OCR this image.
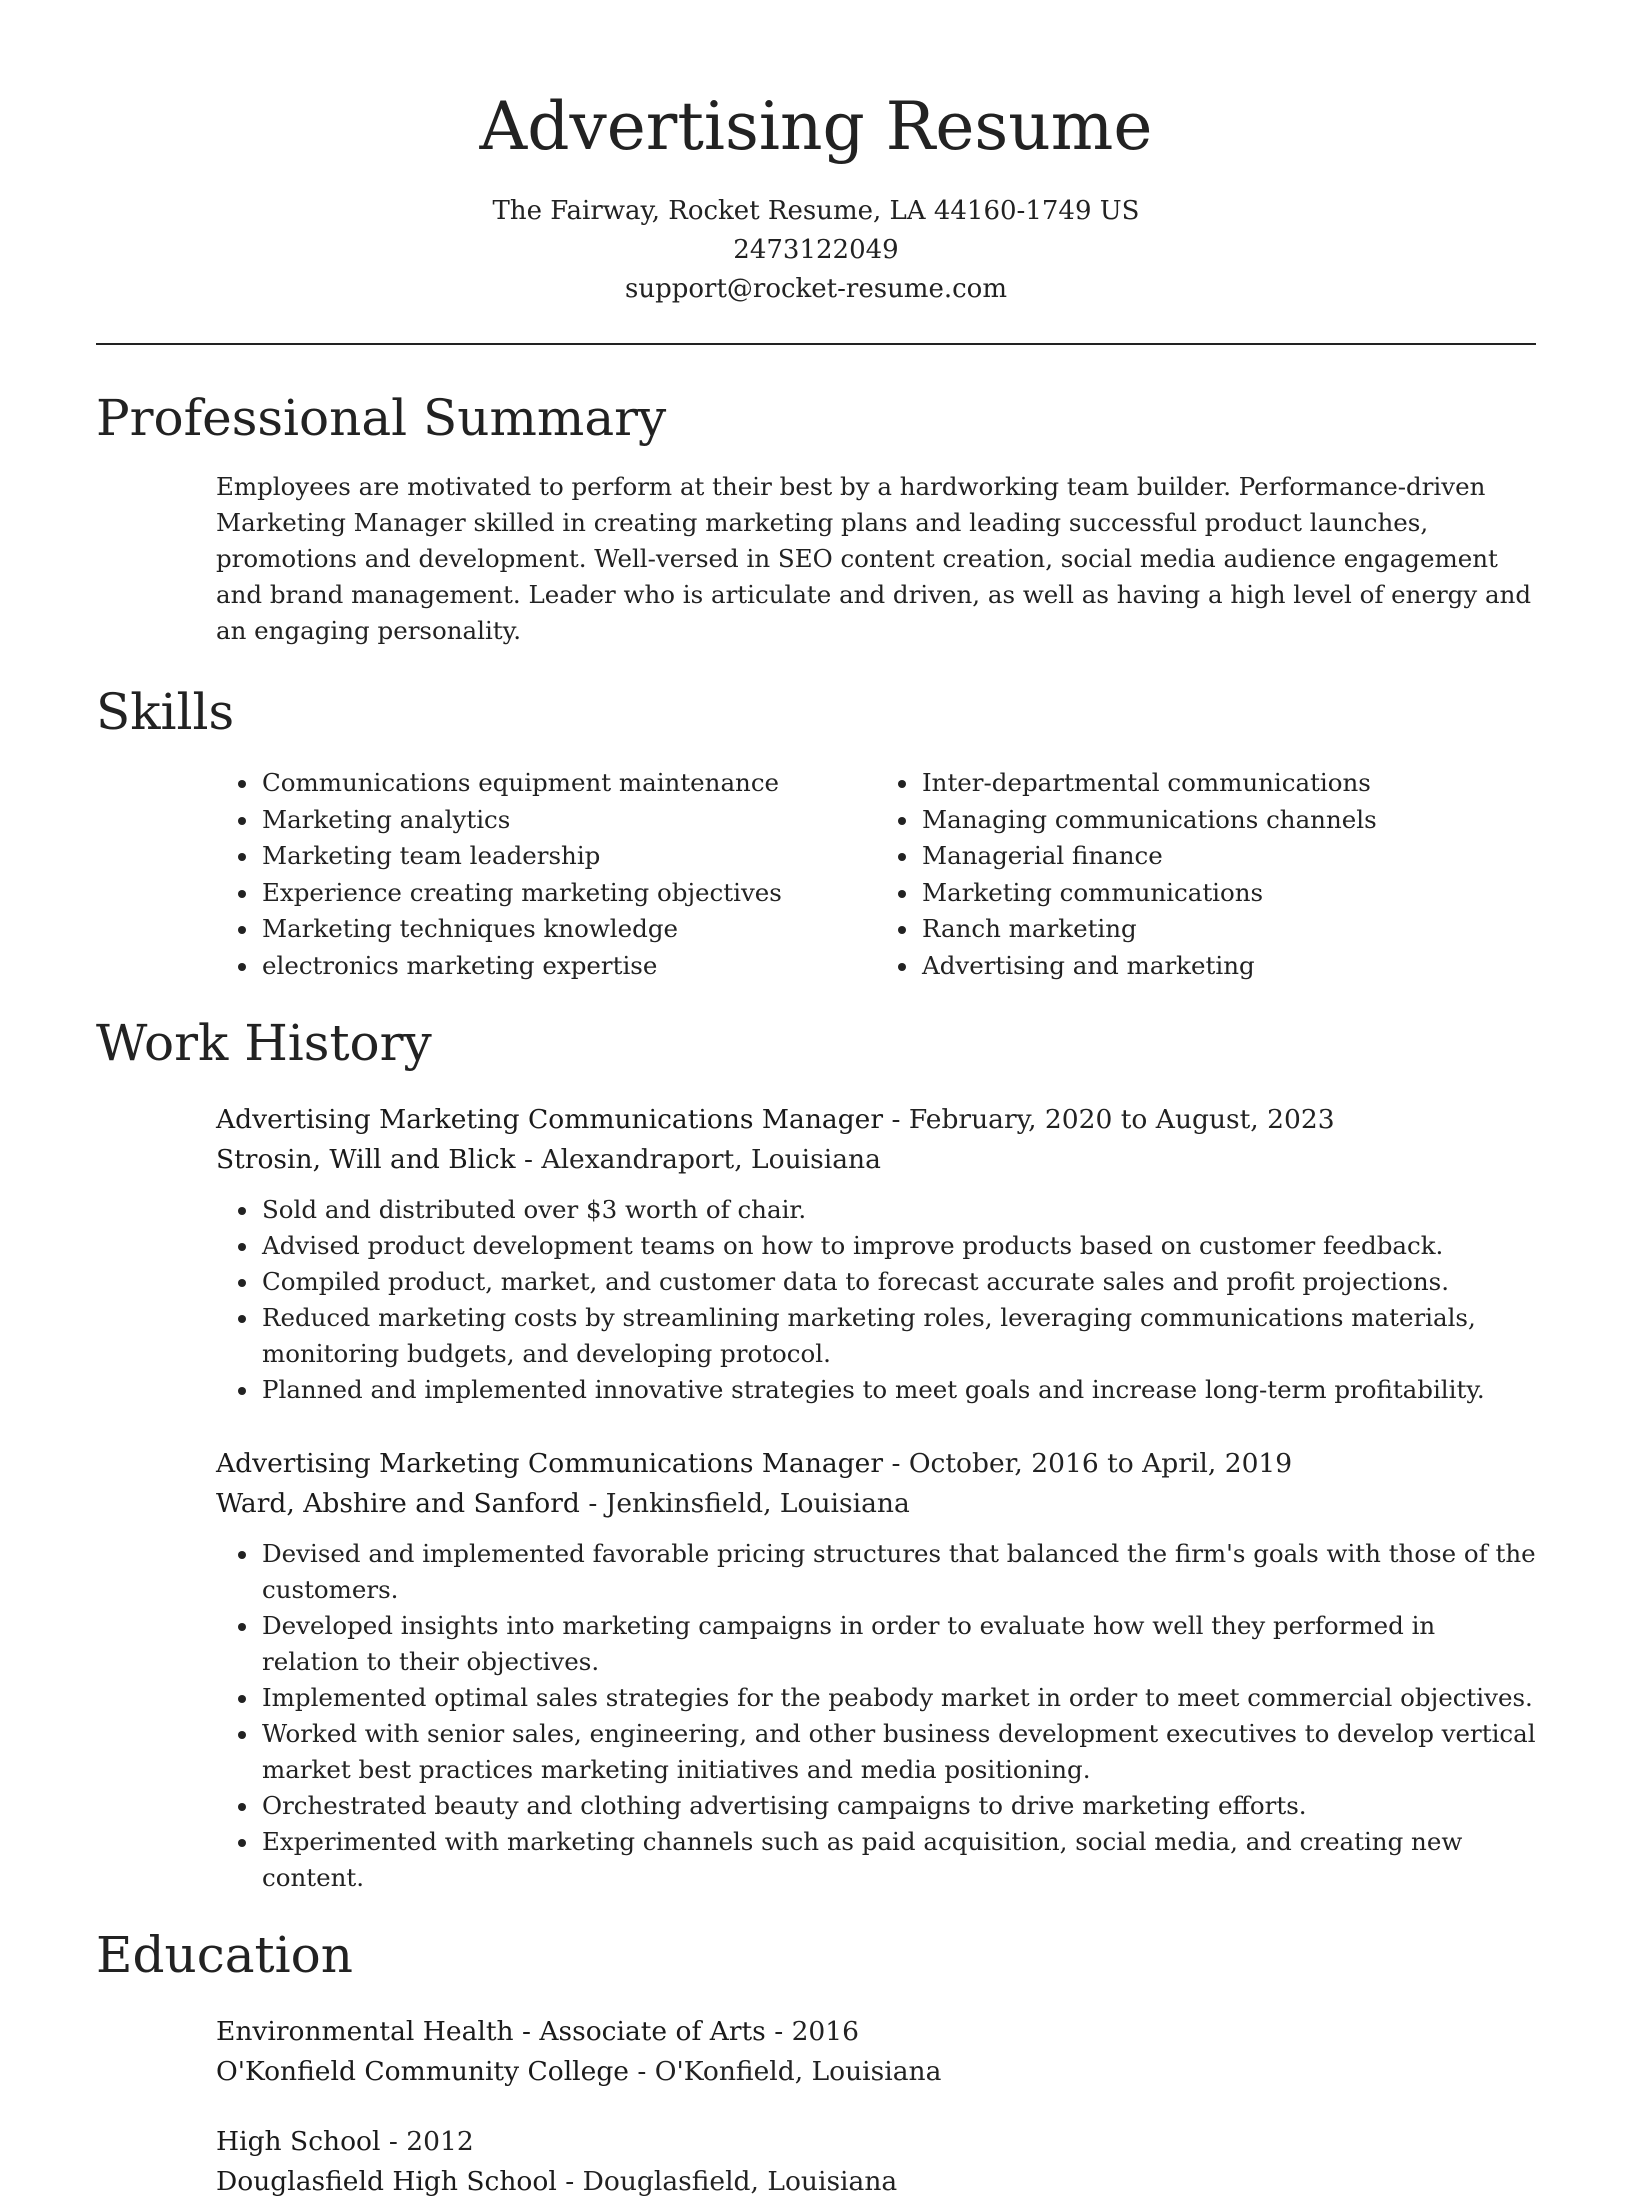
Advertising Resume
The Fairway, Rocket Resume, LA 44160-1749 US
2473122049
support@rocket-resume.com
Professional Summary

Employees are motivated to perform at their best by a hardworking team builder. Performance-driven Marketing Manager skilled in creating marketing plans and leading successful product launches, promotions and development. Well-versed in SEO content creation, social media audience engagement and brand management. Leader who is articulate and driven, as well as having a high level of energy and an engaging personality.

Skills
• Communications equipment maintenance
• Marketing analytics
• Marketing team leadership
• Experience creating marketing objectives
• Marketing techniques knowledge
• electronics marketing expertise
• Inter-departmental communications
• Managing communications channels
• Managerial finance
• Marketing communications
• Ranch marketing
• Advertising and marketing
Work History
Advertising Marketing Communications Manager - February, 2020 to August, 2023
Strosin, Will and Blick - Alexandraport, Louisiana
• Sold and distributed over $3 worth of chair.
• Advised product development teams on how to improve products based on customer feedback.
• Compiled product, market, and customer data to forecast accurate sales and profit projections.
• Reduced marketing costs by streamlining marketing roles, leveraging communications materials, monitoring budgets, and developing protocol.
• Planned and implemented innovative strategies to meet goals and increase long-term profitability.
Advertising Marketing Communications Manager - October, 2016 to April, 2019
Ward, Abshire and Sanford - Jenkinsfield, Louisiana
• Devised and implemented favorable pricing structures that balanced the firm's goals with those of the customers.
• Developed insights into marketing campaigns in order to evaluate how well they performed in relation to their objectives.
• Implemented optimal sales strategies for the peabody market in order to meet commercial objectives.
• Worked with senior sales, engineering, and other business development executives to develop vertical market best practices marketing initiatives and media positioning.
• Orchestrated beauty and clothing advertising campaigns to drive marketing efforts.
• Experimented with marketing channels such as paid acquisition, social media, and creating new content.
Education
Environmental Health - Associate of Arts - 2016
O'Konfield Community College - O'Konfield, Louisiana
High School - 2012
Douglasfield High School - Douglasfield, Louisiana
